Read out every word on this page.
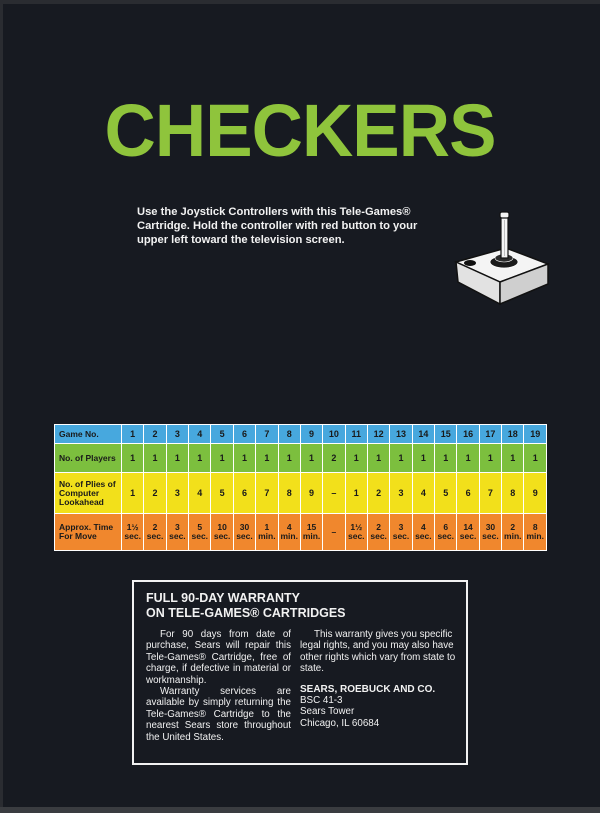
CHECKERS
Use the Joystick Controllers with this Tele-Games® Cartridge. Hold the controller with red button to your upper left toward the television screen.
Game No.	1	2	3	4	5	6	7	8	9	10	11	12	13	14	15	16	17	18	19
No. of Players	1	1	1	1	1	1	1	1	1	2	1	1	1	1	1	1	1	1	1
No. of Plies of Computer Lookahead	1	2	3	4	5	6	7	8	9	–	1	2	3	4	5	6	7	8	9
Approx. Time For Move	1½ sec.	2 sec.	3 sec.	5 sec.	10 sec.	30 sec.	1 min.	4 min.	15 min.	–	1½ sec.	2 sec.	3 sec.	4 sec.	6 sec.	14 sec.	30 sec.	2 min.	8 min.
FULL 90-DAY WARRANTY
ON TELE-GAMES® CARTRIDGES

For 90 days from date of purchase, Sears will repair this Tele-Games® Cartridge, free of charge, if defective in material or workmanship.

Warranty services are available by simply returning the Tele-Games® Cartridge to the nearest Sears store throughout the United States.

This warranty gives you specific legal rights, and you may also have other rights which vary from state to state.

SEARS, ROEBUCK AND CO.
BSC 41-3
Sears Tower
Chicago, IL 60684
